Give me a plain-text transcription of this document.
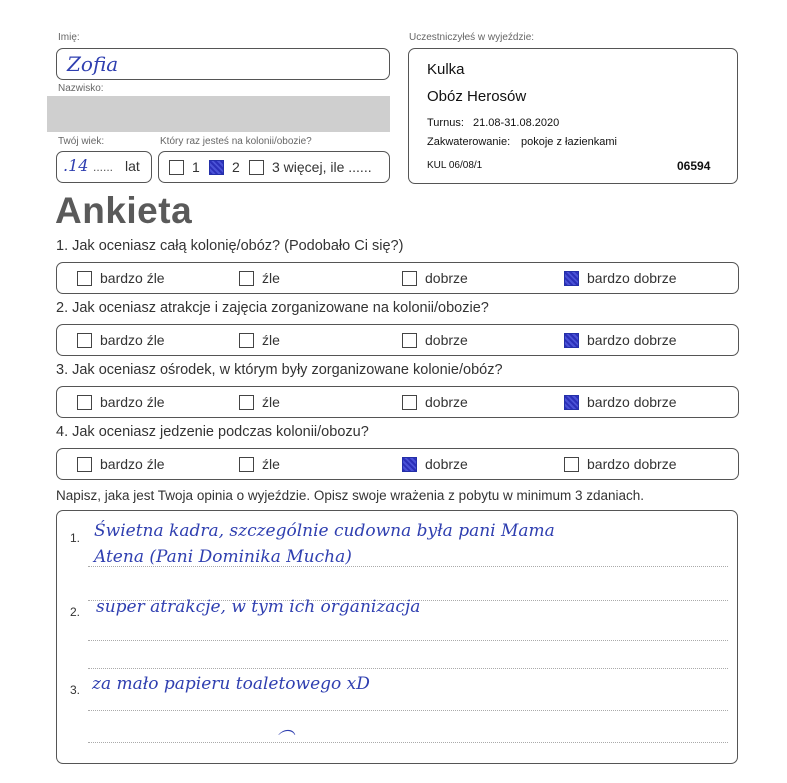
Imię:
Zofia
Nazwisko:
Twój wiek:
.14 ...... lat
Który raz jesteś na kolonii/obozie?
1 2 3 więcej, ile ......
Uczestniczyłeś w wyjeździe:
Kulka
Obóz Herosów
Turnus: 21.08-31.08.2020
Zakwaterowanie: pokoje z łazienkami
KUL 06/08/1	06594
Ankieta
1. Jak oceniasz całą kolonię/obóz? (Podobało Ci się?)
bardzo źle	źle	dobrze	bardzo dobrze
2. Jak oceniasz atrakcje i zajęcia zorganizowane na kolonii/obozie?
bardzo źle	źle	dobrze	bardzo dobrze
3. Jak oceniasz ośrodek, w którym były zorganizowane kolonie/obóz?
bardzo źle	źle	dobrze	bardzo dobrze
4. Jak oceniasz jedzenie podczas kolonii/obozu?
bardzo źle	źle	dobrze	bardzo dobrze
Napisz, jaka jest Twoja opinia o wyjeździe. Opisz swoje wrażenia z pobytu w minimum 3 zdaniach.
1.
2.
3.
Świetna kadra, szczególnie cudowna była pani Mama
Atena (Pani Dominika Mucha)
super atrakcje, w tym ich organizacja
za mało papieru toaletowego xD
︵
